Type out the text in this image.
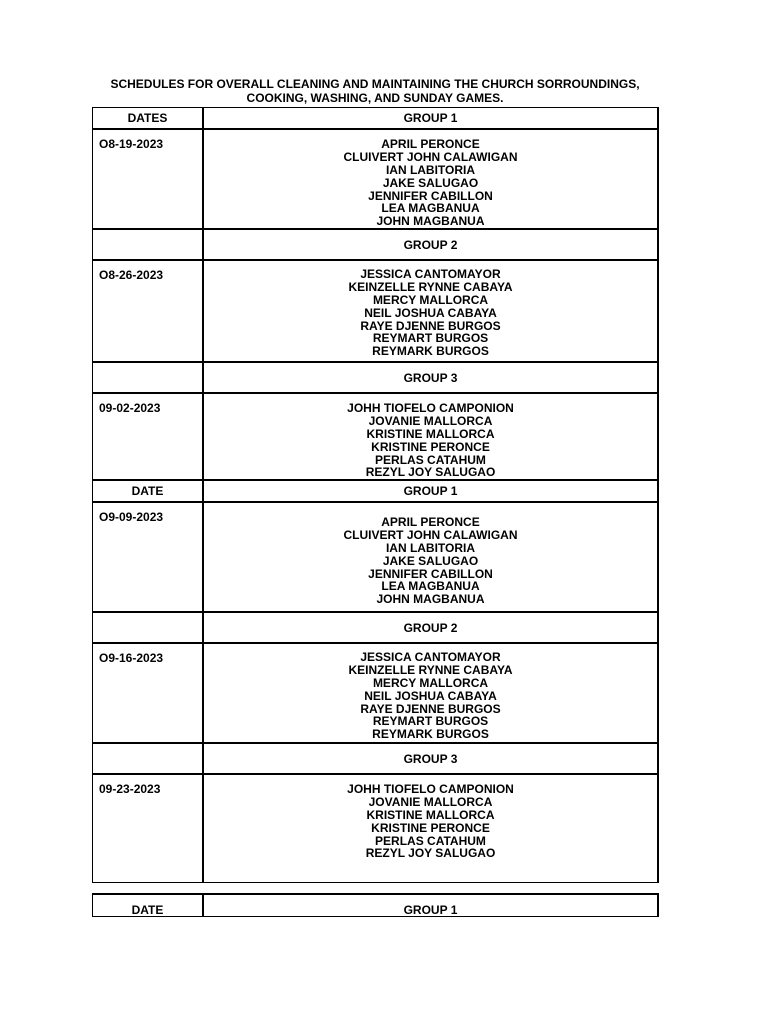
SCHEDULES FOR OVERALL CLEANING AND MAINTAINING THE CHURCH SORROUNDINGS,
COOKING, WASHING, AND SUNDAY GAMES.
DATES	GROUP 1
O8-19-2023	APRIL PERONCE
CLUIVERT JOHN CALAWIGAN
IAN LABITORIA
JAKE SALUGAO
JENNIFER CABILLON
LEA MAGBANUA
JOHN MAGBANUA
GROUP 2
O8-26-2023	JESSICA CANTOMAYOR
KEINZELLE RYNNE CABAYA
MERCY MALLORCA
NEIL JOSHUA CABAYA
RAYE DJENNE BURGOS
REYMART BURGOS
REYMARK BURGOS
GROUP 3
09-02-2023	JOHH TIOFELO CAMPONION
JOVANIE MALLORCA
KRISTINE MALLORCA
KRISTINE PERONCE
PERLAS CATAHUM
REZYL JOY SALUGAO
DATE	GROUP 1
O9-09-2023	APRIL PERONCE
CLUIVERT JOHN CALAWIGAN
IAN LABITORIA
JAKE SALUGAO
JENNIFER CABILLON
LEA MAGBANUA
JOHN MAGBANUA
GROUP 2
O9-16-2023	JESSICA CANTOMAYOR
KEINZELLE RYNNE CABAYA
MERCY MALLORCA
NEIL JOSHUA CABAYA
RAYE DJENNE BURGOS
REYMART BURGOS
REYMARK BURGOS
GROUP 3
09-23-2023	JOHH TIOFELO CAMPONION
JOVANIE MALLORCA
KRISTINE MALLORCA
KRISTINE PERONCE
PERLAS CATAHUM
REZYL JOY SALUGAO
DATE	GROUP 1
